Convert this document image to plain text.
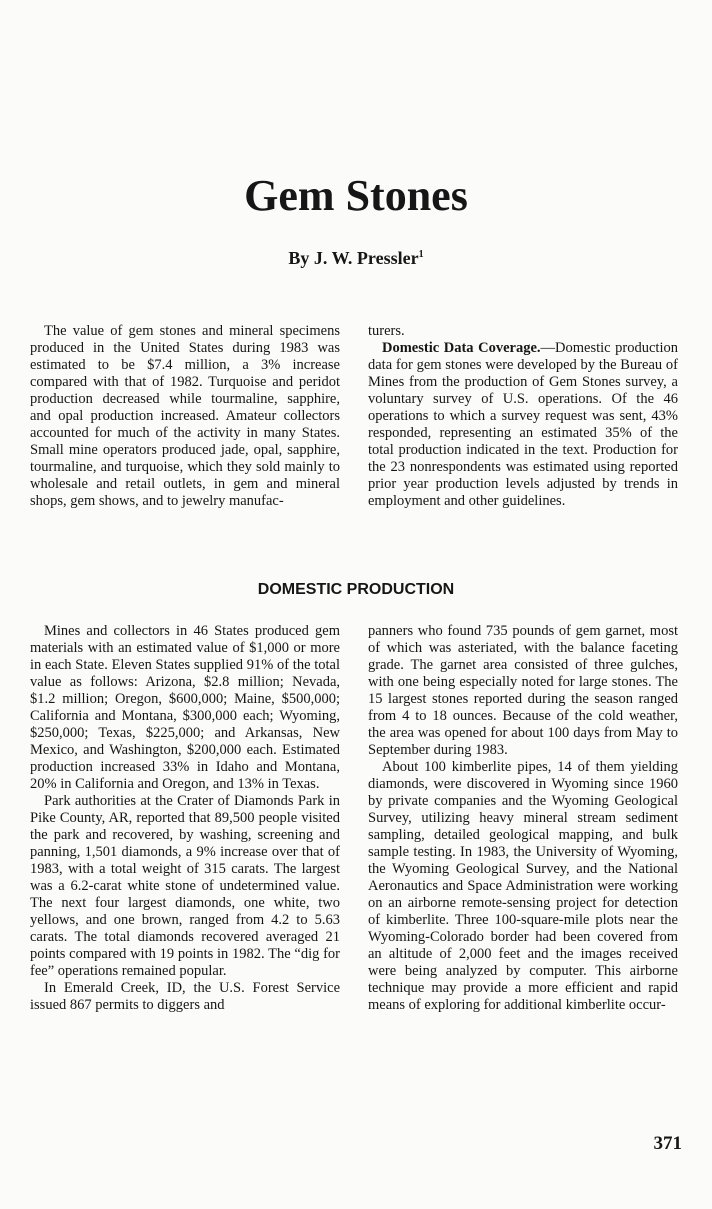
Gem Stones
By J. W. Pressler$^1$

The value of gem stones and mineral specimens produced in the United States during 1983 was estimated to be $7.4 million, a 3% increase compared with that of 1982. Turquoise and peridot production decreased while tourmaline, sapphire, and opal production increased. Amateur collectors accounted for much of the activity in many States. Small mine operators produced jade, opal, sapphire, tourmaline, and turquoise, which they sold mainly to wholesale and retail outlets, in gem and mineral shops, gem shows, and to jewelry manufac-

turers.

Domestic Data Coverage.—Domestic production data for gem stones were developed by the Bureau of Mines from the production of Gem Stones survey, a voluntary survey of U.S. operations. Of the 46 operations to which a survey request was sent, 43% responded, representing an estimated 35% of the total production indicated in the text. Production for the 23 nonrespondents was estimated using reported prior year production levels adjusted by trends in employment and other guidelines.

DOMESTIC PRODUCTION

Mines and collectors in 46 States produced gem materials with an estimated value of $1,000 or more in each State. Eleven States supplied 91% of the total value as follows: Arizona, $2.8 million; Nevada, $1.2 million; Oregon, $600,000; Maine, $500,000; California and Montana, $300,000 each; Wyoming, $250,000; Texas, $225,000; and Arkansas, New Mexico, and Washington, $200,000 each. Estimated production increased 33% in Idaho and Montana, 20% in California and Oregon, and 13% in Texas.

Park authorities at the Crater of Diamonds Park in Pike County, AR, reported that 89,500 people visited the park and recovered, by washing, screening and panning, 1,501 diamonds, a 9% increase over that of 1983, with a total weight of 315 carats. The largest was a 6.2-carat white stone of undetermined value. The next four largest diamonds, one white, two yellows, and one brown, ranged from 4.2 to 5.63 carats. The total diamonds recovered averaged 21 points compared with 19 points in 1982. The “dig for fee” operations remained popular.

In Emerald Creek, ID, the U.S. Forest Service issued 867 permits to diggers and

panners who found 735 pounds of gem garnet, most of which was asteriated, with the balance faceting grade. The garnet area consisted of three gulches, with one being especially noted for large stones. The 15 largest stones reported during the season ranged from 4 to 18 ounces. Because of the cold weather, the area was opened for about 100 days from May to September during 1983.

About 100 kimberlite pipes, 14 of them yielding diamonds, were discovered in Wyoming since 1960 by private companies and the Wyoming Geological Survey, utilizing heavy mineral stream sediment sampling, detailed geological mapping, and bulk sample testing. In 1983, the University of Wyoming, the Wyoming Geological Survey, and the National Aeronautics and Space Administration were working on an airborne remote-sensing project for detection of kimberlite. Three 100-square-mile plots near the Wyoming-Colorado border had been covered from an altitude of 2,000 feet and the images received were being analyzed by computer. This airborne technique may provide a more efficient and rapid means of exploring for additional kimberlite occur-

371
